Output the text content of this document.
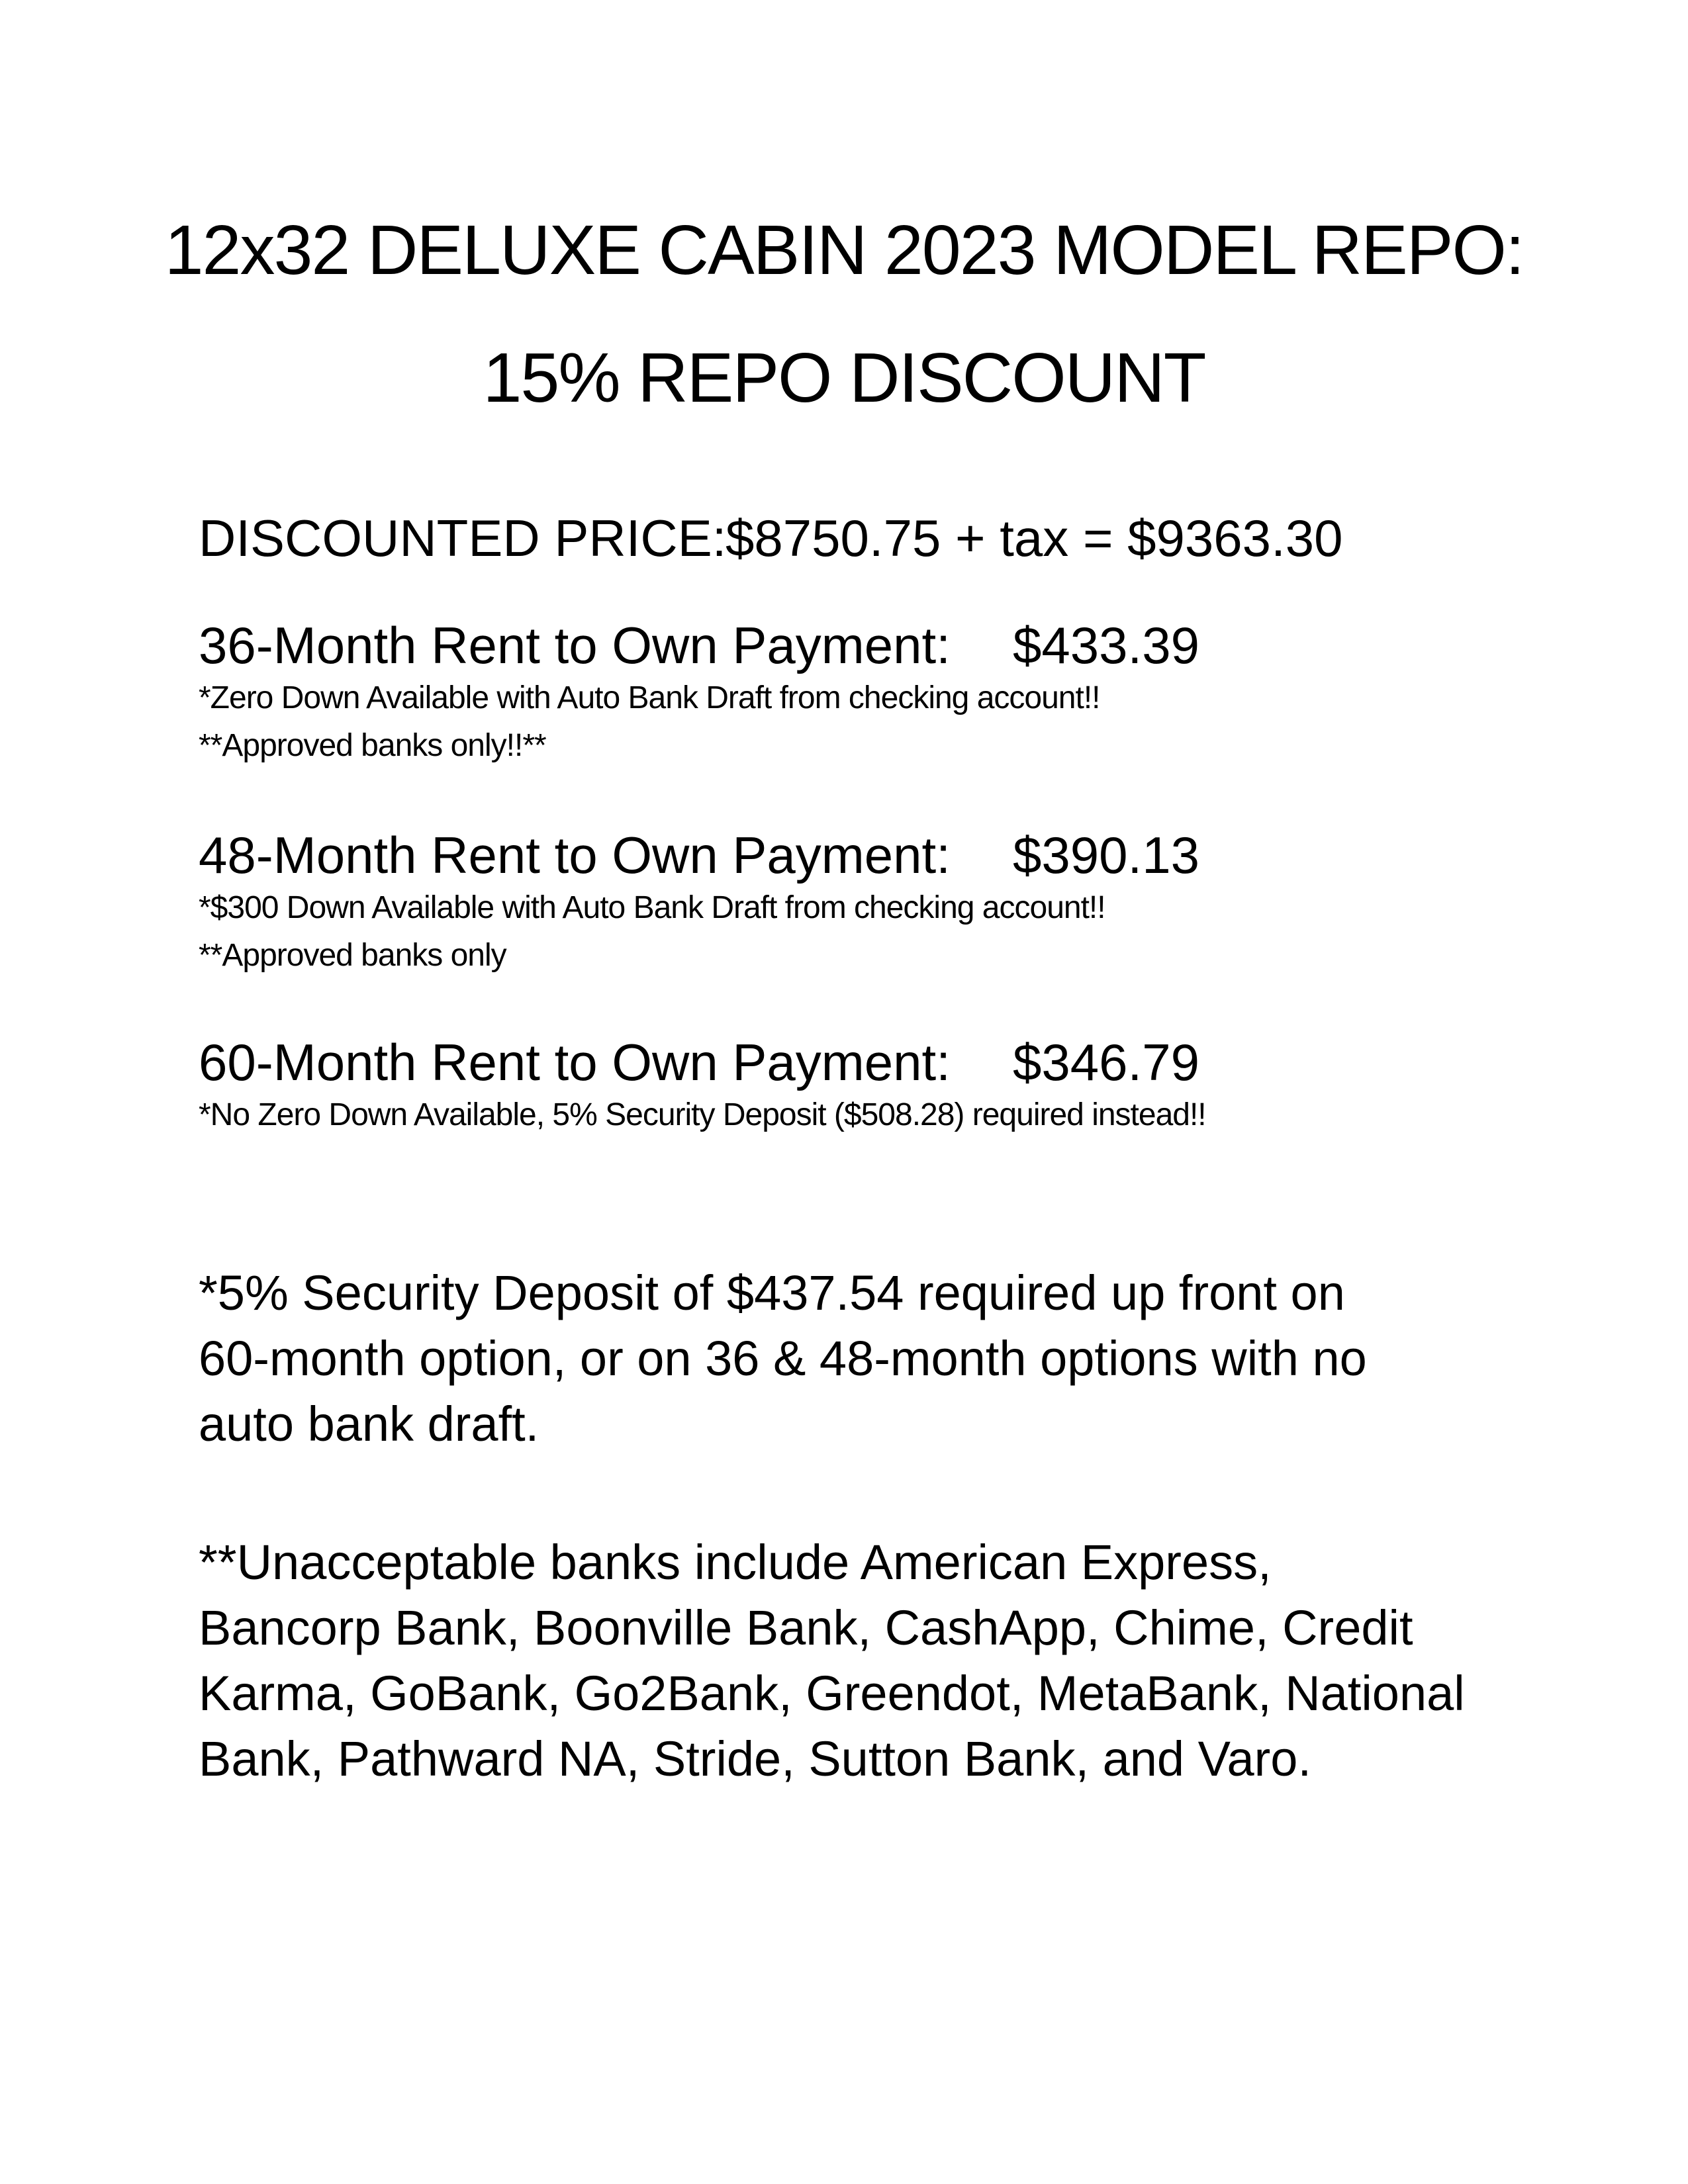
12x32 DELUXE CABIN 2023 MODEL REPO:
15% REPO DISCOUNT
DISCOUNTED PRICE:
$8750.75 + tax = $9363.30
36-Month Rent to Own Payment: $433.39
*Zero Down Available with Auto Bank Draft from checking account!!
**Approved banks only!!**
48-Month Rent to Own Payment: $390.13
*$300 Down Available with Auto Bank Draft from checking account!!
**Approved banks only
60-Month Rent to Own Payment: $346.79
*No Zero Down Available, 5% Security Deposit ($508.28) required instead!!
*5% Security Deposit of $437.54 required up front on
60-month option, or on 36 & 48-month options with no
auto bank draft.
**Unacceptable banks include American Express,
Bancorp Bank, Boonville Bank, CashApp, Chime, Credit
Karma, GoBank, Go2Bank, Greendot, MetaBank, National
Bank, Pathward NA, Stride, Sutton Bank, and Varo.
